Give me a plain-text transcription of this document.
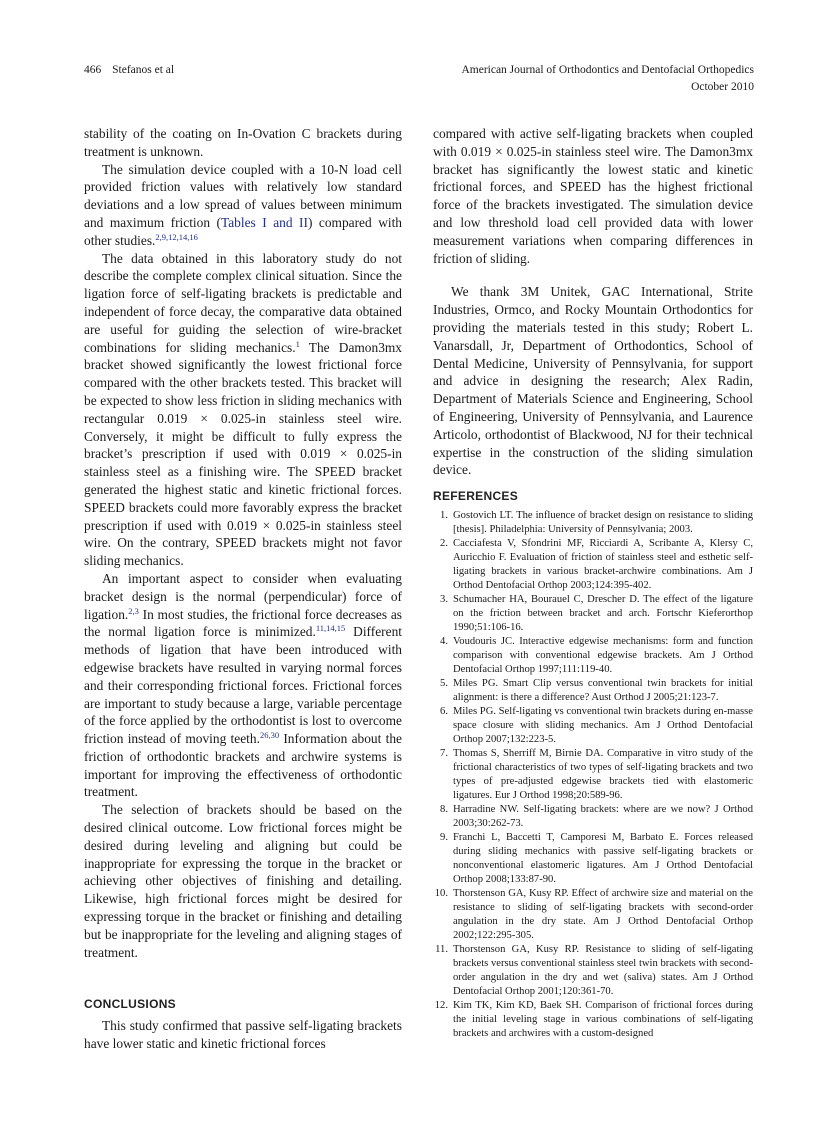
466 Stefanos et al	American Journal of Orthodontics and Dentofacial Orthopedics
October 2010

stability of the coating on In-Ovation C brackets during treatment is unknown.

The simulation device coupled with a 10-N load cell provided friction values with relatively low standard deviations and a low spread of values between minimum and maximum friction (Tables I and II) compared with other studies.$^{2,9,12,14,16}$

The data obtained in this laboratory study do not describe the complete complex clinical situation. Since the ligation force of self-ligating brackets is predictable and independent of force decay, the comparative data obtained are useful for guiding the selection of wire-bracket combinations for sliding mechanics.$^1$ The Damon3mx bracket showed significantly the lowest frictional force compared with the other brackets tested. This bracket will be expected to show less friction in sliding mechanics with rectangular 0.019 × 0.025-in stainless steel wire. Conversely, it might be difficult to fully express the bracket’s prescription if used with 0.019 × 0.025-in stainless steel as a finishing wire. The SPEED bracket generated the highest static and kinetic frictional forces. SPEED brackets could more favorably express the bracket prescription if used with 0.019 × 0.025-in stainless steel wire. On the contrary, SPEED brackets might not favor sliding mechanics.

An important aspect to consider when evaluating bracket design is the normal (perpendicular) force of ligation.$^{2,3}$ In most studies, the frictional force decreases as the normal ligation force is minimized.$^{11,14,15}$ Different methods of ligation that have been introduced with edgewise brackets have resulted in varying normal forces and their corresponding frictional forces. Frictional forces are important to study because a large, variable percentage of the force applied by the orthodontist is lost to overcome friction instead of moving teeth.$^{26,30}$ Information about the friction of orthodontic brackets and archwire systems is important for improving the effectiveness of orthodontic treatment.

The selection of brackets should be based on the desired clinical outcome. Low frictional forces might be desired during leveling and aligning but could be inappropriate for expressing the torque in the bracket or achieving other objectives of finishing and detailing. Likewise, high frictional forces might be desired for expressing torque in the bracket or finishing and detailing but be inappropriate for the leveling and aligning stages of treatment.

CONCLUSIONS

This study confirmed that passive self-ligating brackets have lower static and kinetic frictional forces

compared with active self-ligating brackets when coupled with 0.019 × 0.025-in stainless steel wire. The Damon3mx bracket has significantly the lowest static and kinetic frictional forces, and SPEED has the highest frictional force of the brackets investigated. The simulation device and low threshold load cell provided data with lower measurement variations when comparing differences in friction of sliding.

We thank 3M Unitek, GAC International, Strite Industries, Ormco, and Rocky Mountain Orthodontics for providing the materials tested in this study; Robert L. Vanarsdall, Jr, Department of Orthodontics, School of Dental Medicine, University of Pennsylvania, for support and advice in designing the research; Alex Radin, Department of Materials Science and Engineering, School of Engineering, University of Pennsylvania, and Laurence Articolo, orthodontist of Blackwood, NJ for their technical expertise in the construction of the sliding simulation device.

REFERENCES
1. Gostovich LT. The influence of bracket design on resistance to sliding [thesis]. Philadelphia: University of Pennsylvania; 2003.
2. Cacciafesta V, Sfondrini MF, Ricciardi A, Scribante A, Klersy C, Auricchio F. Evaluation of friction of stainless steel and esthetic self-ligating brackets in various bracket-archwire combinations. Am J Orthod Dentofacial Orthop 2003;124:395-402.
3. Schumacher HA, Bourauel C, Drescher D. The effect of the ligature on the friction between bracket and arch. Fortschr Kieferorthop 1990;51:106-16.
4. Voudouris JC. Interactive edgewise mechanisms: form and function comparison with conventional edgewise brackets. Am J Orthod Dentofacial Orthop 1997;111:119-40.
5. Miles PG. Smart Clip versus conventional twin brackets for initial alignment: is there a difference? Aust Orthod J 2005;21:123-7.
6. Miles PG. Self-ligating vs conventional twin brackets during en-masse space closure with sliding mechanics. Am J Orthod Dentofacial Orthop 2007;132:223-5.
7. Thomas S, Sherriff M, Birnie DA. Comparative in vitro study of the frictional characteristics of two types of self-ligating brackets and two types of pre-adjusted edgewise brackets tied with elastomeric ligatures. Eur J Orthod 1998;20:589-96.
8. Harradine NW. Self-ligating brackets: where are we now? J Orthod 2003;30:262-73.
9. Franchi L, Baccetti T, Camporesi M, Barbato E. Forces released during sliding mechanics with passive self-ligating brackets or nonconventional elastomeric ligatures. Am J Orthod Dentofacial Orthop 2008;133:87-90.
10. Thorstenson GA, Kusy RP. Effect of archwire size and material on the resistance to sliding of self-ligating brackets with second-order angulation in the dry state. Am J Orthod Dentofacial Orthop 2002;122:295-305.
11. Thorstenson GA, Kusy RP. Resistance to sliding of self-ligating brackets versus conventional stainless steel twin brackets with second-order angulation in the dry and wet (saliva) states. Am J Orthod Dentofacial Orthop 2001;120:361-70.
12. Kim TK, Kim KD, Baek SH. Comparison of frictional forces during the initial leveling stage in various combinations of self-ligating brackets and archwires with a custom-designed
